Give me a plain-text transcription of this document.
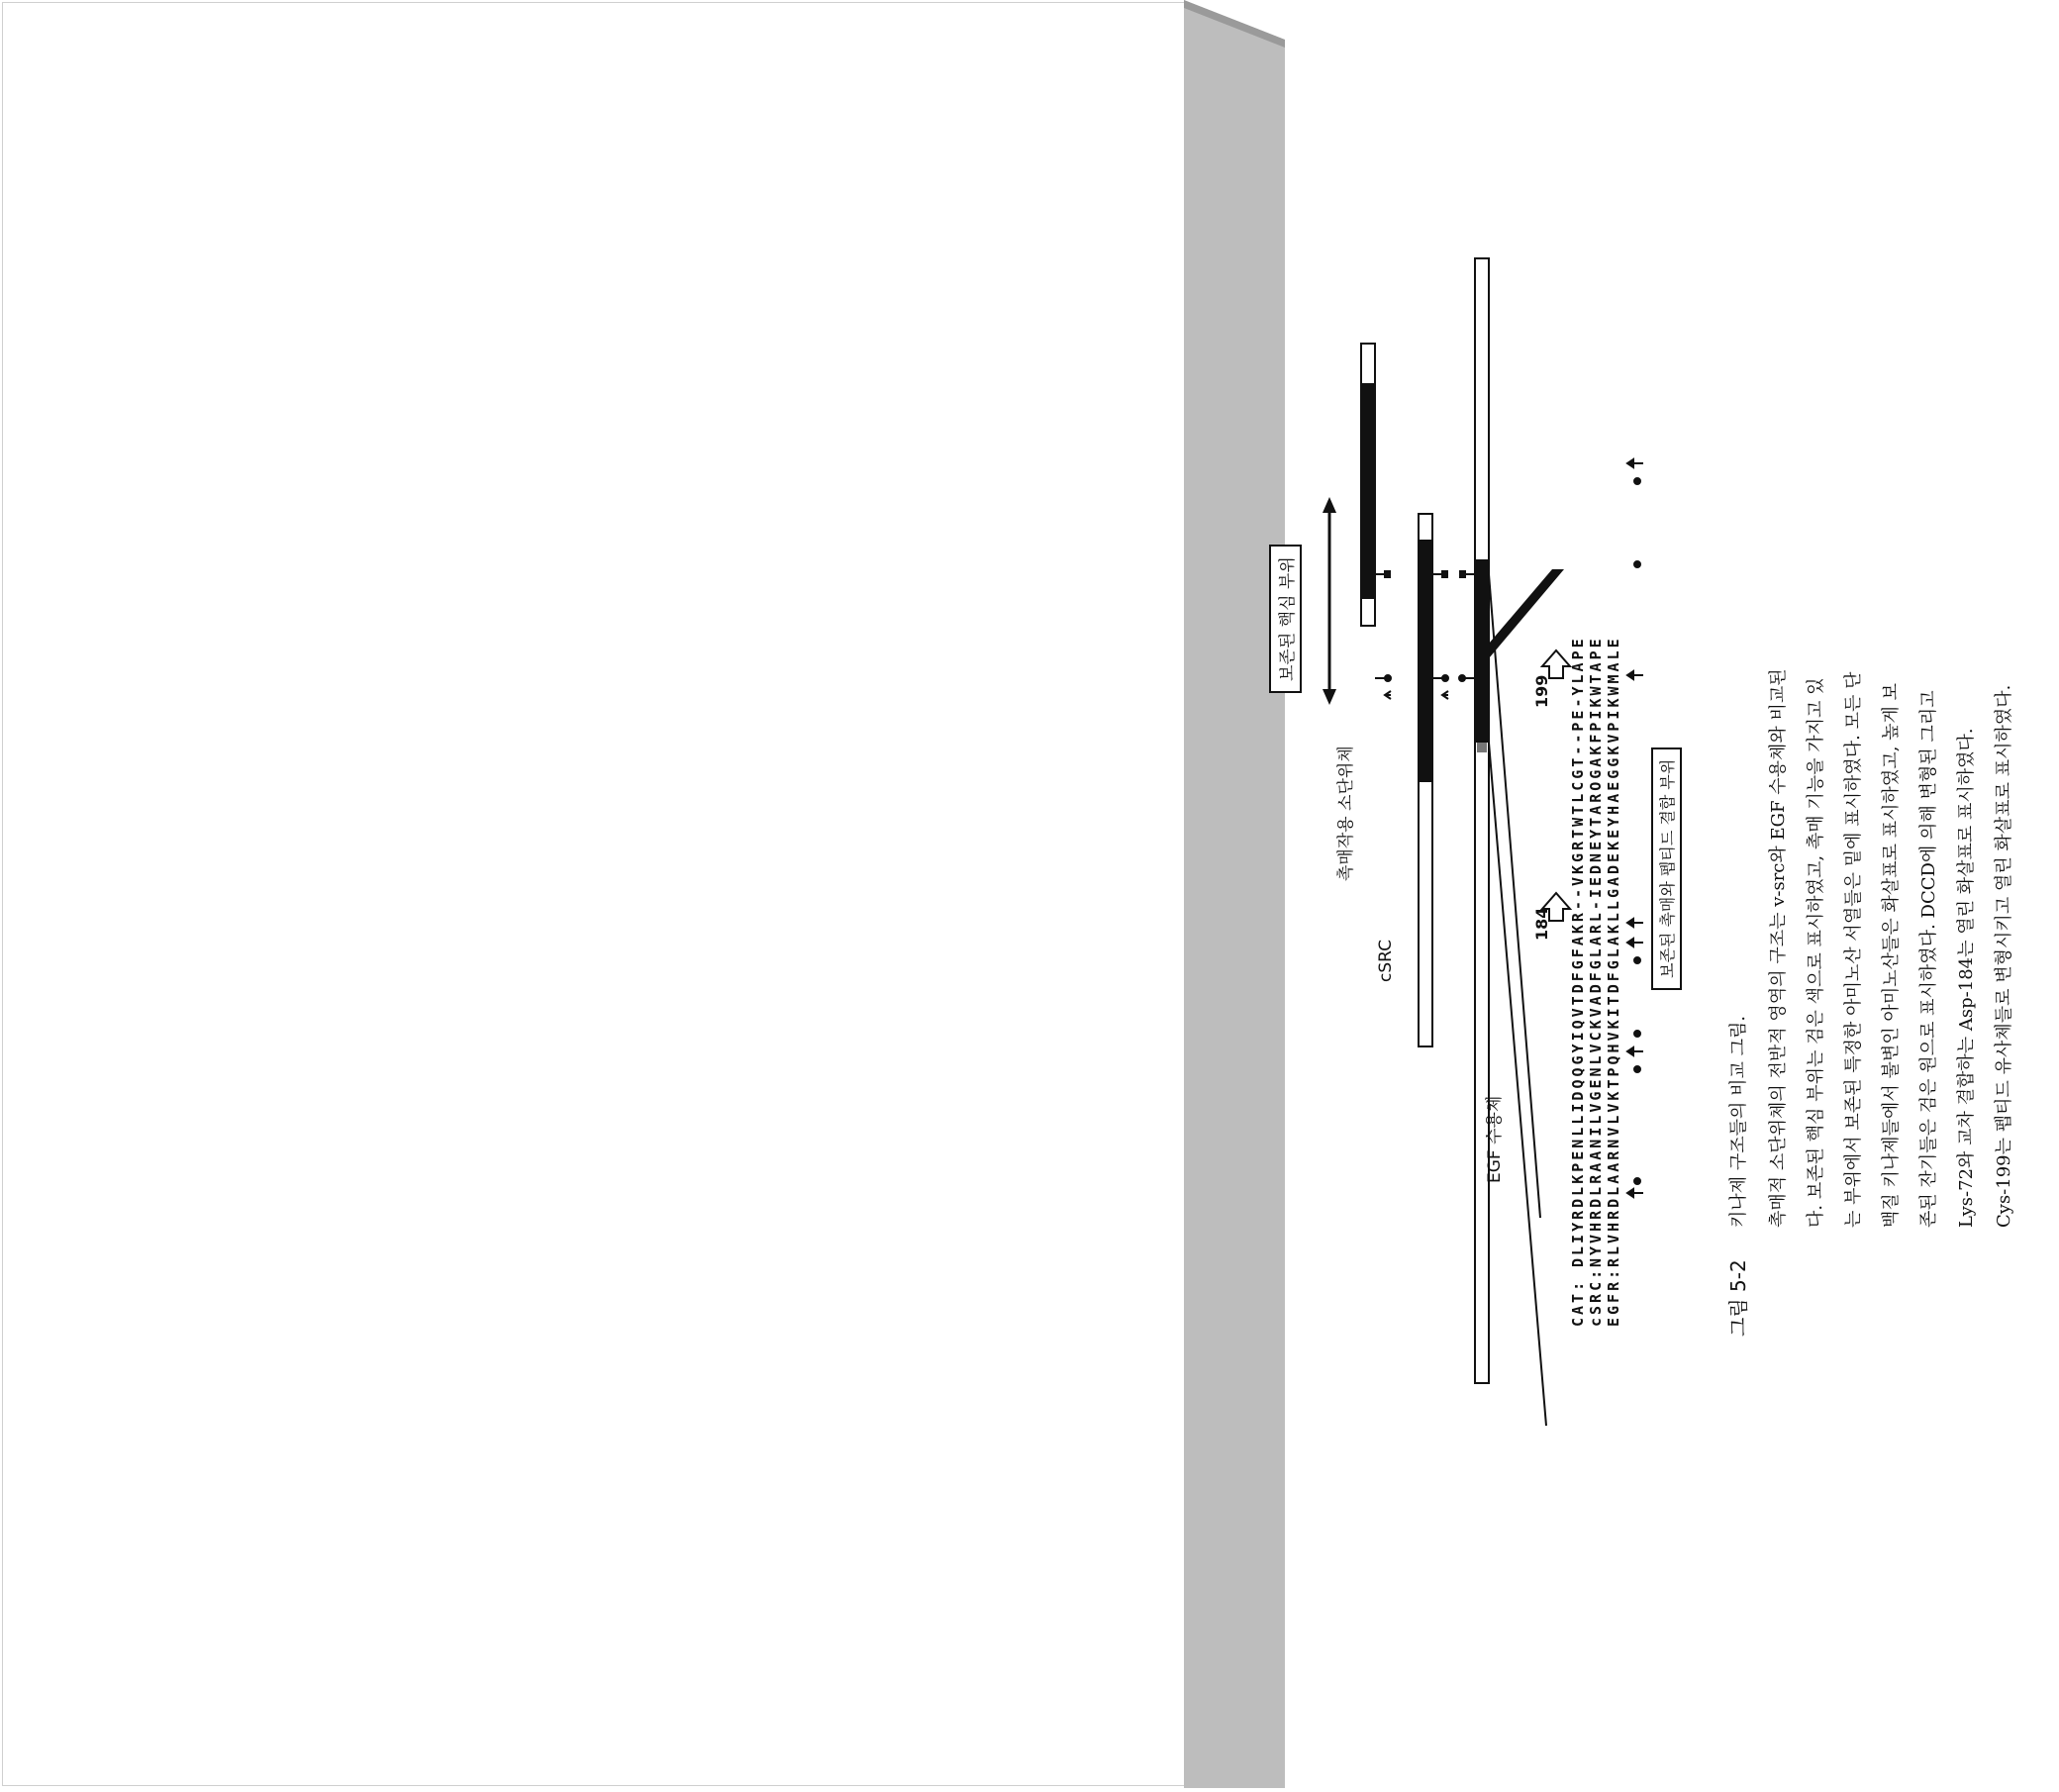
촉매작용 소단위체
cSRC
EGF 수용체
보존된 핵심 부위
184
199
CAT: cSRC: EGFR:
DLIYRDLKPENLLIDQQGYIQVTDFGFAKR--VKGRTWTLCGT--PE-YLAPE NYVHRDLRAANILVGENLVCKVADFGLARL-IEDNEYTAROGAKFPIKWTAPE RLVHRDLAARNVLVKTPQHVKITDFGLAKLLGADEKEYHAEGGKVPIKWMALE	보존된 촉매와 펩티드 결합 부위
그림 5-2
키나제 구조들의 비교 그림. 촉매적 소단위체의 전반적 영역의 구조는 v-src와 EGF 수용체와 비교된 다. 보존된 핵심 부위는 검은 색으로 표시하였고, 촉매 기능을 가지고 있 는 부위에서 보존된 특정한 아미노산 서열들은 밑에 표시하였다. 모든 단 백질 키나제들에서 불변인 아미노산들은 화살표로 표시하였고, 높게 보 존된 잔기들은 검은 원으로 표시하였다. DCCD에 의해 변형된 그리고 Lys-72와 교차 결합하는 Asp-184는 열린 화살표로 표시하였다. Cys-199는 펩티드 유사체들로 변형시키고 열린 화살표로 표시하였다.
